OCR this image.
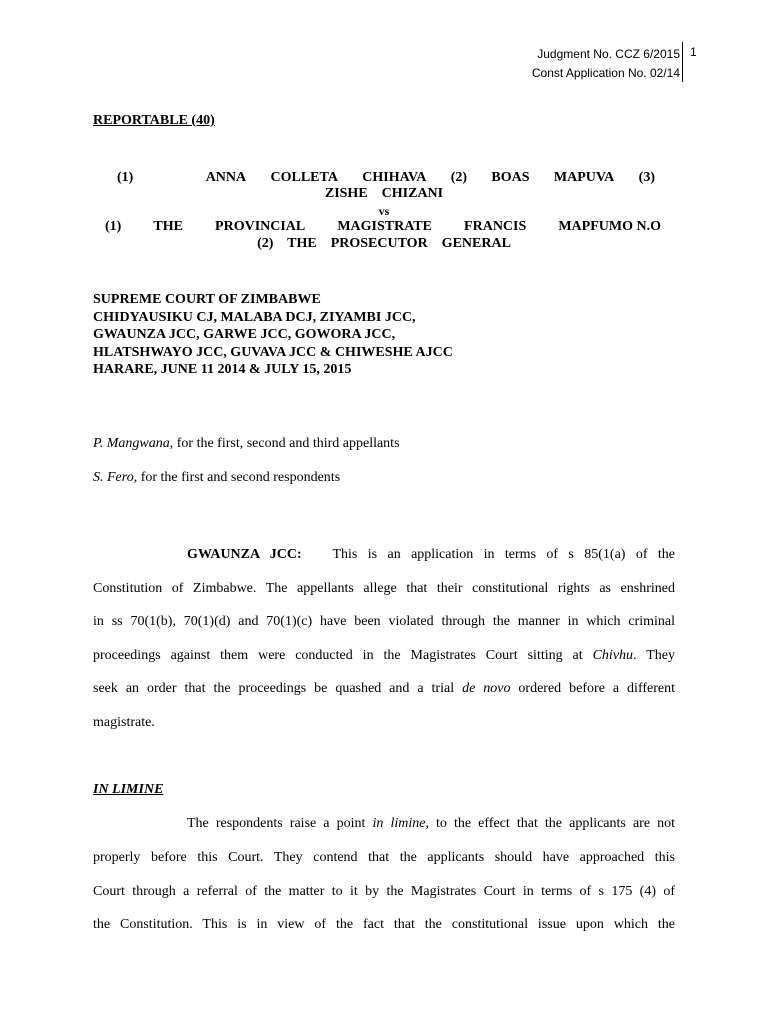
Judgment No. CCZ 6/2015
Const Application No. 02/14
1
REPORTABLE (40)
(1)	ANNA COLLETA CHIHAVA (2) BOAS MAPUVA (3)
ZISHE    CHIZANI
vs
(1) THE PROVINCIAL MAGISTRATE FRANCIS MAPFUMO N.O
(2)    THE    PROSECUTOR    GENERAL
SUPREME COURT OF ZIMBABWE
CHIDYAUSIKU CJ, MALABA DCJ, ZIYAMBI JCC,
GWAUNZA JCC, GARWE JCC, GOWORA JCC,
HLATSHWAYO JCC, GUVAVA JCC & CHIWESHE AJCC
HARARE, JUNE 11 2014 & JULY 15, 2015
P. Mangwana, for the first, second and third appellants
S. Fero, for the first and second respondents
GWAUNZA JCC:   This is an application in terms of s 85(1(a) of the
Constitution of Zimbabwe. The appellants allege that their constitutional rights as enshrined
in ss 70(1(b), 70(1)(d) and 70(1)(c) have been violated through the manner in which criminal
proceedings against them were conducted in the Magistrates Court sitting at Chivhu. They
seek an order that the proceedings be quashed and a trial de novo ordered before a different
magistrate.
IN LIMINE
The respondents raise a point in limine, to the effect that the applicants are not
properly before this Court. They contend that the applicants should have approached this
Court through a referral of the matter to it by the Magistrates Court in terms of s 175 (4) of
the Constitution. This is in view of the fact that the constitutional issue upon which the
